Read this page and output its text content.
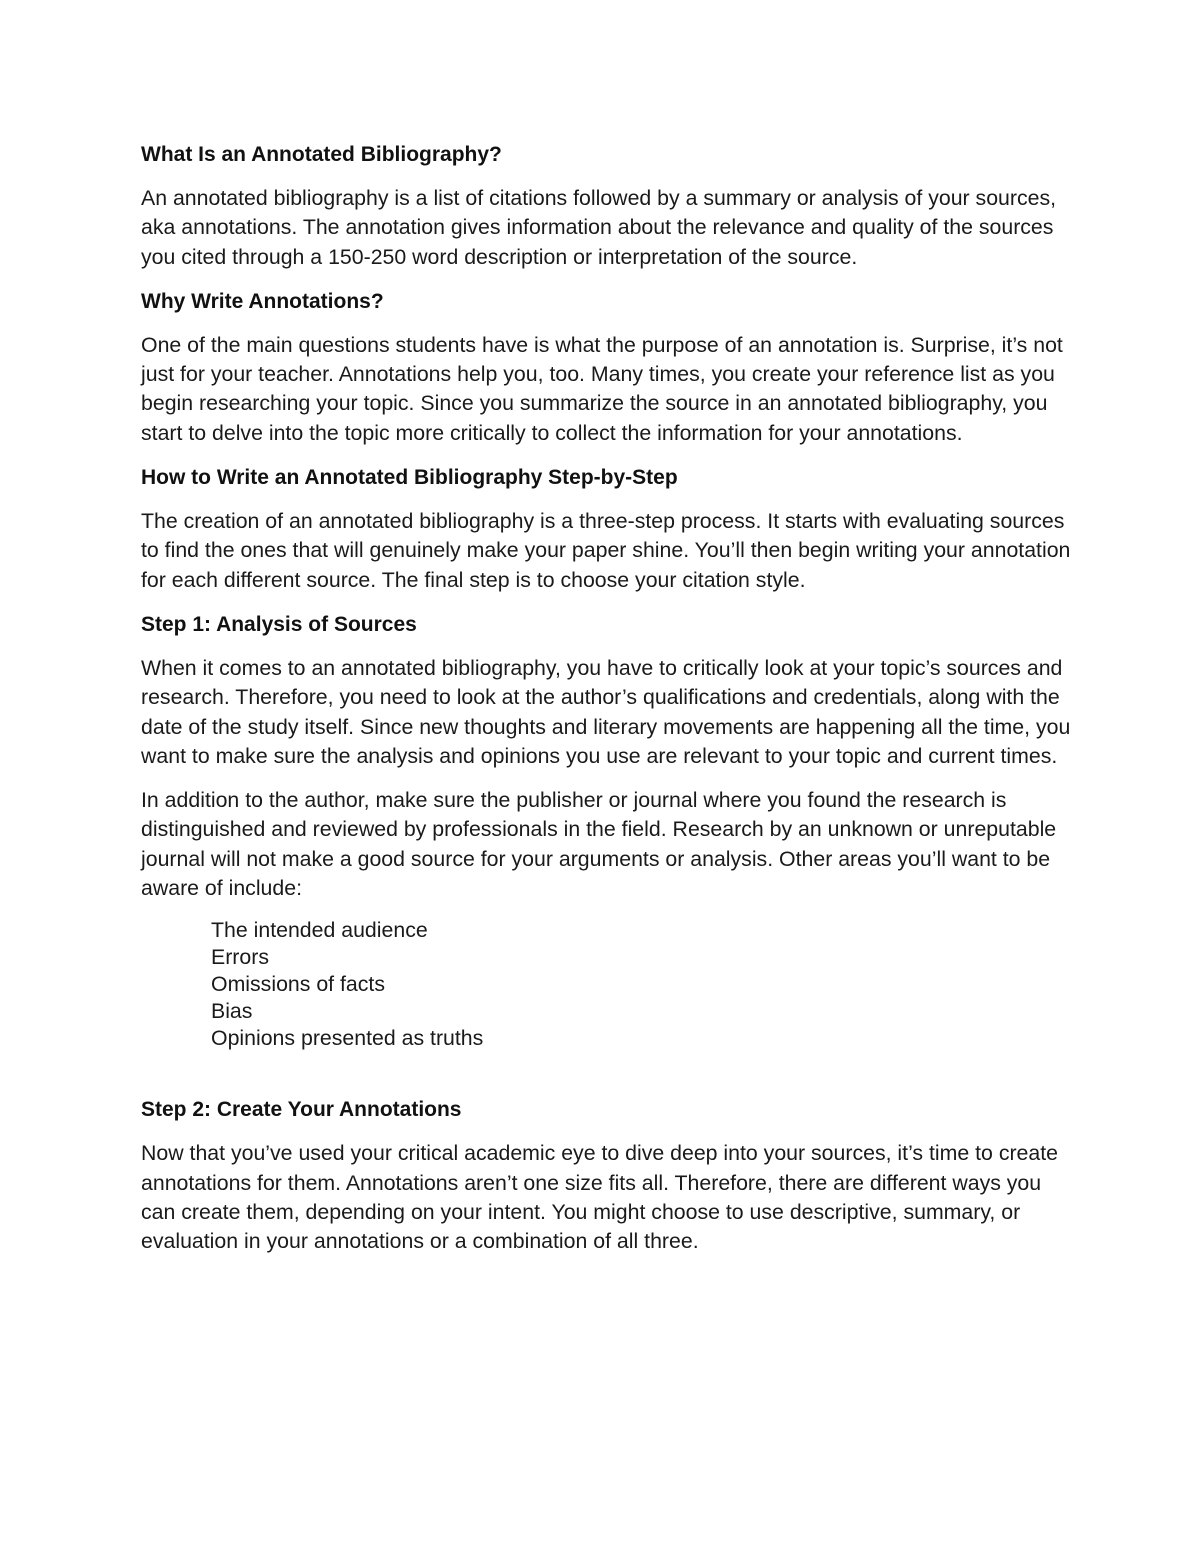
What Is an Annotated Bibliography?

An annotated bibliography is a list of citations followed by a summary or analysis of your sources, aka annotations. The annotation gives information about the relevance and quality of the sources you cited through a 150-250 word description or interpretation of the source.

Why Write Annotations?

One of the main questions students have is what the purpose of an annotation is. Surprise, it’s not just for your teacher. Annotations help you, too. Many times, you create your reference list as you begin researching your topic. Since you summarize the source in an annotated bibliography, you start to delve into the topic more critically to collect the information for your annotations.

How to Write an Annotated Bibliography Step-by-Step

The creation of an annotated bibliography is a three-step process. It starts with evaluating sources to find the ones that will genuinely make your paper shine. You’ll then begin writing your annotation for each different source. The final step is to choose your citation style.

Step 1: Analysis of Sources

When it comes to an annotated bibliography, you have to critically look at your topic’s sources and research. Therefore, you need to look at the author’s qualifications and credentials, along with the date of the study itself. Since new thoughts and literary movements are happening all the time, you want to make sure the analysis and opinions you use are relevant to your topic and current times.

In addition to the author, make sure the publisher or journal where you found the research is distinguished and reviewed by professionals in the field. Research by an unknown or unreputable journal will not make a good source for your arguments or analysis. Other areas you’ll want to be aware of include:

The intended audience
Errors
Omissions of facts
Bias
Opinions presented as truths
Step 2: Create Your Annotations

Now that you’ve used your critical academic eye to dive deep into your sources, it’s time to create annotations for them. Annotations aren’t one size fits all. Therefore, there are different ways you can create them, depending on your intent. You might choose to use descriptive, summary, or evaluation in your annotations or a combination of all three.
